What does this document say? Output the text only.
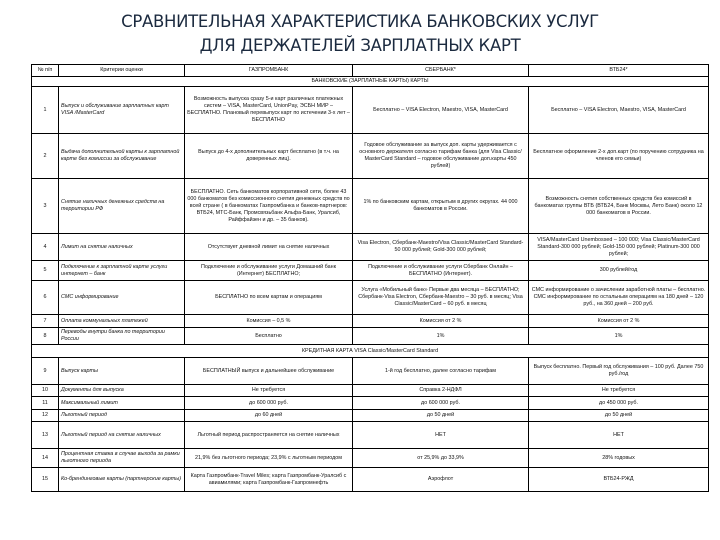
СРАВНИТЕЛЬНАЯ ХАРАКТЕРИСТИКА БАНКОВСКИХ УСЛУГ
ДЛЯ ДЕРЖАТЕЛЕЙ ЗАРПЛАТНЫХ КАРТ
№ п/п	Критерии оценки	ГАЗПРОМБАНК	СБЕРБАНК*	ВТБ24*
БАНКОВСКИЕ (ЗАРПЛАТНЫЕ КАРТЫ) КАРТЫ				
1	Выпуск и обслуживание зарплатных карт VISA /MasterCard	Возможность выпуска сразу 5-и карт различных платежных систем – VISA, MasterCard, UnionPay, ЭСБН МИР – БЕСПЛАТНО. Плановый перевыпуск карт по истечении 3-х лет – БЕСПЛАТНО	Бесплатно – VISA Electron, Maestro, VISA, MasterCard	Бесплатно – VISA Electron, Maestro, VISA, MasterCard
2	Выдача дополнительной карты к зарплатной карте без комиссии за обслуживание	Выпуск до 4-х дополнительных карт бесплатно (в т.ч. на доверенных лиц).	Годовое обслуживание за выпуск доп. карты удерживается с основного держателя согласно тарифам банка (для Visa Classic/ MasterCard Standard – годовое обслуживание доп.карты 450 рублей)	Бесплатное оформление 2-х доп.карт (по поручению сотрудника на членов его семьи)
3	Снятие наличных денежных средств на территории РФ	БЕСПЛАТНО. Сеть банкоматов корпоративной сети, более 43 000 банкоматов без комиссионного снятия денежных средств по всей стране ( в банкоматах Газпромбанка и банков-партнеров: ВТБ24, МТС-Банк, Промсвязьбанк Альфа-Банк, Уралсиб, Райффайзен и др. – 35 банков).	1% по банковским картам, открытым в других округах. 44 000 банкоматов в России.	Возможность снятия собственных средств без комиссий в банкоматах группы ВТБ (ВТБ24, Банк Москвы, Лето Банк) около 12 000 банкоматов в России.
4	Лимит на снятие наличных	Отсутствует дневной лимит на снятие наличных	Visa Electron, Сбербанк-Maestro/Visa Classic/MasterCard Standard-50 000 рублей; Gold-300 000 рублей;	VISA/MasterCard Unembossed – 100 000; Visa Classic/MasterCard Standard-300 000 рублей; Gold-150 000 рублей; Platinum-300 000 рублей;
5	Подключение к зарплатной карте услуги интернет – банк	Подключение и обслуживание услуги Домашний банк (Интернет) БЕСПЛАТНО;	Подключение и обслуживание услуги Сбербанк Онлайн – БЕСПЛАТНО (Интернет).	300 рублей/год
6	СМС информирование	БЕСПЛАТНО по всем картам и операциям	Услуга «Мобильный банк» Первые два месяца – БЕСПЛАТНО; Сбербанк-Visa Electron, Сбербанк-Maestro – 30 руб. в месяц; Visa Classic/MasterCard – 60 руб. в месяц	СМС информирование о зачислении заработной платы – бесплатно. СМС информирование по остальным операциям на 180 дней – 120 руб., на 360 дней – 200 руб.
7	Оплата коммунальных платежей	Комиссия – 0,5 %	Комиссия от 2 %	Комиссия от 2 %
8	Переводы внутри банка по территории России	Бесплатно	1%	1%
КРЕДИТНАЯ КАРТА VISA Classic/MasterCard Standard				
9	Выпуск карты	БЕСПЛАТНЫЙ выпуск и дальнейшее обслуживание	1-й год бесплатно, далее согласно тарифам	Выпуск бесплатно. Первый год обслуживания – 100 руб. Далее 750 руб./год
10	Документы для выпуска	Не требуется	Справка 2-НДФЛ	Не требуется
11	Максимальный лимит	до 600 000 руб.	до 600 000 руб.	до 450 000 руб.
12	Льготный период	до 60 дней	до 50 дней	до 50 дней
13	Льготный период на снятие наличных	Льготный период распространяется на снятие наличных	НЕТ	НЕТ
14	Процентная ставка в случае выхода за рамки льготного периода	21,9% без льготного периода; 23,9% с льготным периодом	от 25,9% до 33,9%	28% годовых
15	Ко-брендинговые карты (партнерские карты)	Карта Газпромбанк-Travel Miles; карта Газпромбанк-Уралсиб с авиамилями; карта Газпромбанк-Газпромнефть	Аэрофлот	ВТБ24-РЖД
